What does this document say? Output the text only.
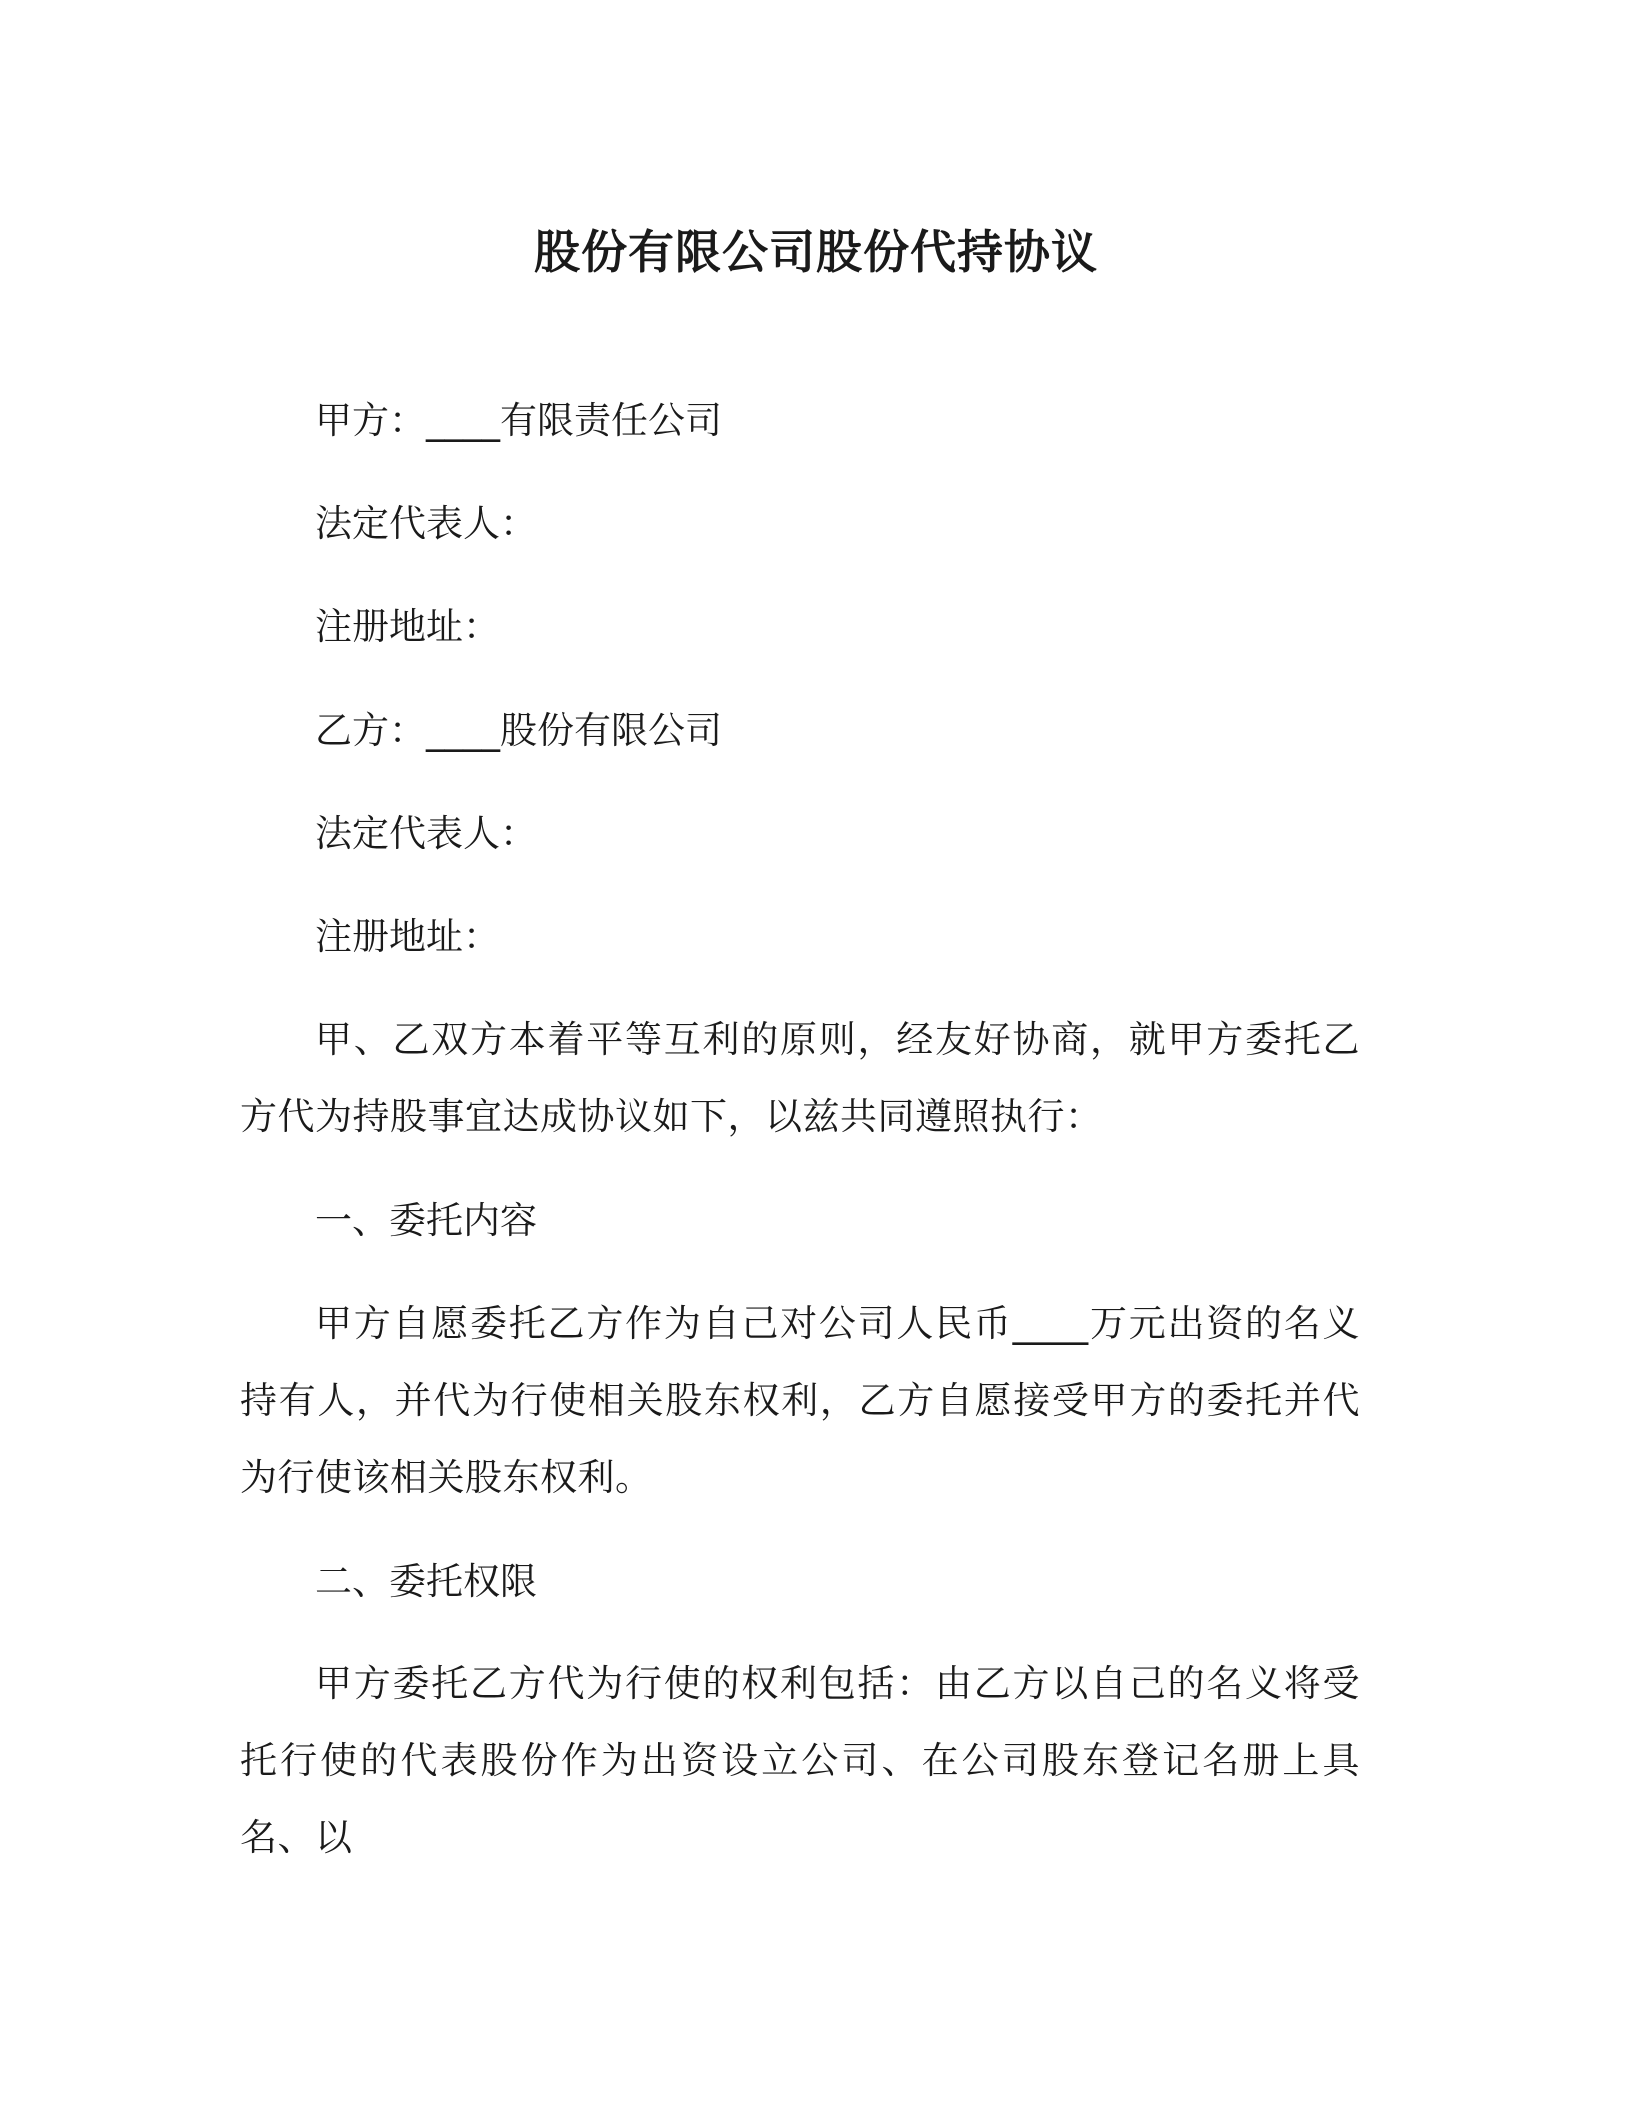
股份有限公司股份代持协议
甲方：____有限责任公司
法定代表人：
注册地址：
乙方：____股份有限公司
法定代表人：
注册地址：
甲、乙双方本着平等互利的原则，经友好协商，就甲方委托乙方代为持股事宜达成协议如下，以兹共同遵照执行：
一、委托内容
甲方自愿委托乙方作为自己对公司人民币____万元出资的名义持有人，并代为行使相关股东权利，乙方自愿接受甲方的委托并代为行使该相关股东权利。
二、委托权限
甲方委托乙方代为行使的权利包括：由乙方以自己的名义将受托行使的代表股份作为出资设立公司、在公司股东登记名册上具名、以
